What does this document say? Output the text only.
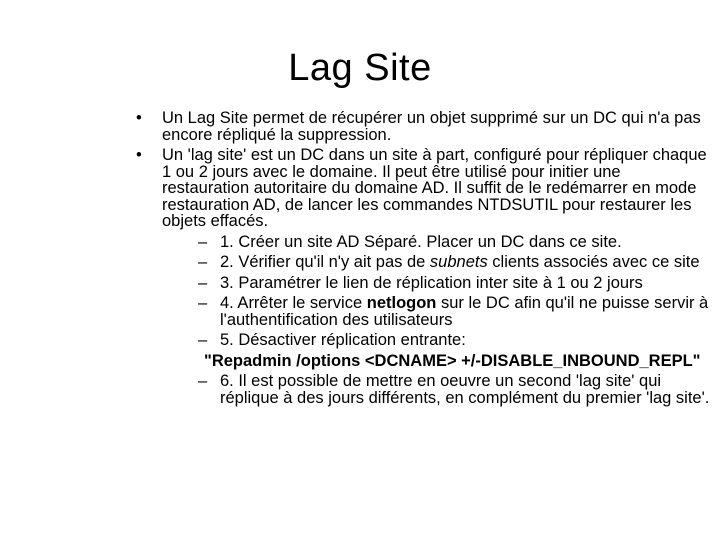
Lag Site
• Un Lag Site permet de récupérer un objet supprimé sur un DC qui n'a pas encore répliqué la suppression.
• Un 'lag site' est un DC dans un site à part, configuré pour répliquer chaque 1 ou 2 jours avec le domaine. Il peut être utilisé pour initier une restauration autoritaire du domaine AD. Il suffit de le redémarrer en mode restauration AD, de lancer les commandes NTDSUTIL pour restaurer les objets effacés.
– 1. Créer un site AD Séparé. Placer un DC dans ce site.
– 2. Vérifier qu'il n'y ait pas de subnets clients associés avec ce site
– 3. Paramétrer le lien de réplication inter site à 1 ou 2 jours
– 4. Arrêter le service netlogon sur le DC afin qu'il ne puisse servir à l'authentification des utilisateurs
– 5. Désactiver réplication entrante:
"Repadmin /options <DCNAME> +/-DISABLE_INBOUND_REPL"
– 6. Il est possible de mettre en oeuvre un second 'lag site' qui réplique à des jours différents, en complément du premier 'lag site'.
